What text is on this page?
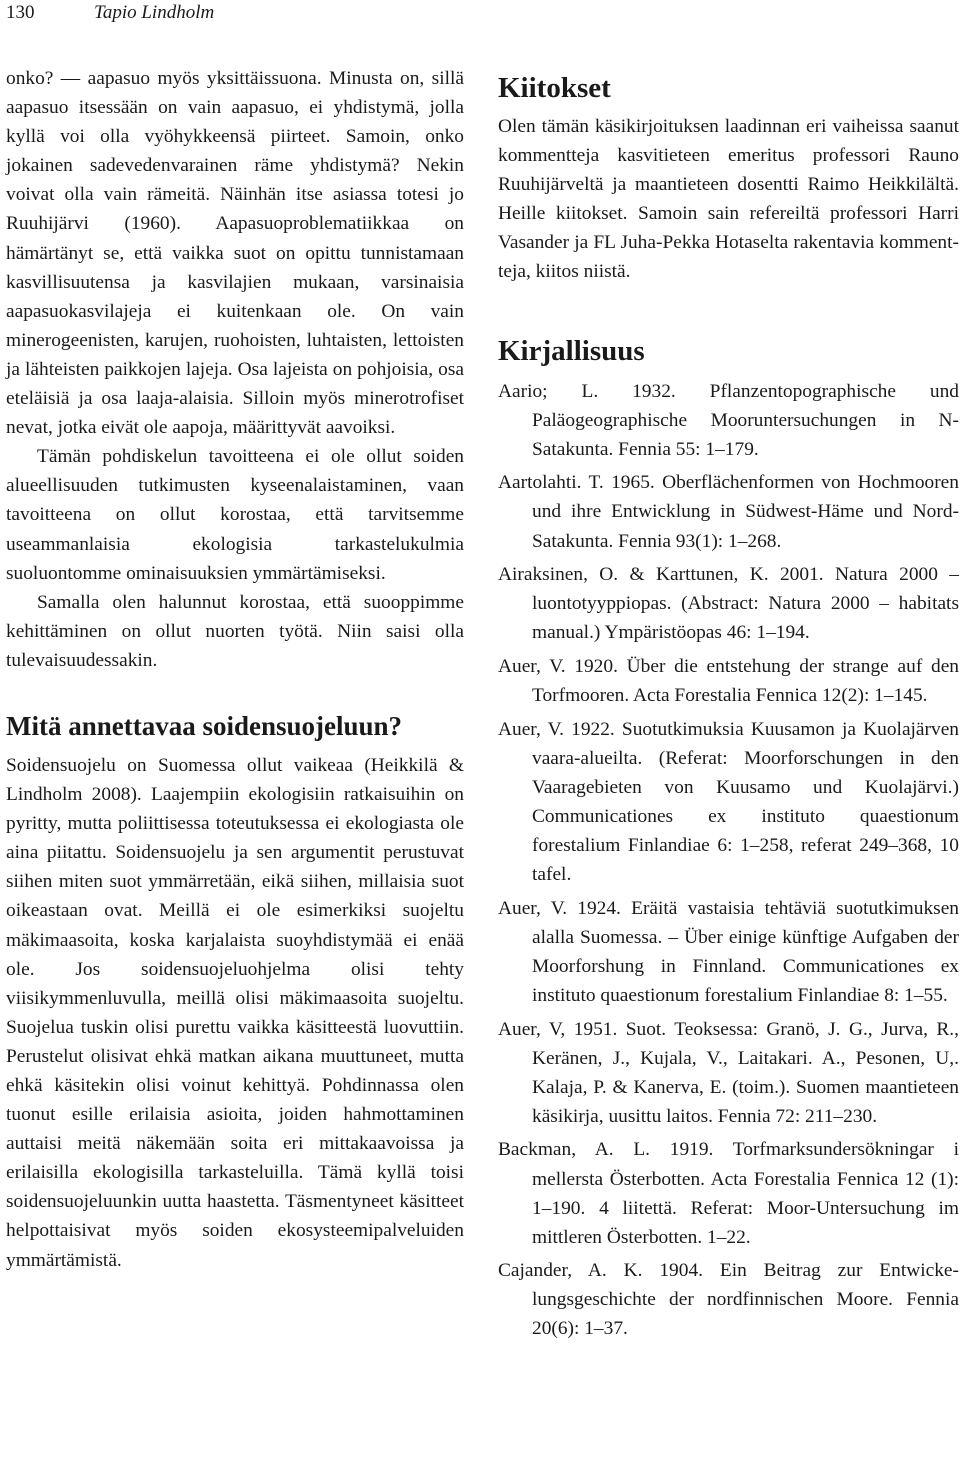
130	Tapio Lindholm

onko? — aapasuo myös yksittäissuona. Minusta on, sillä aapasuo itsessään on vain aapasuo, ei yhdistymä, jolla kyllä voi olla vyöhykkeensä piirteet. Samoin, onko jokainen sadevedenvarainen räme yhdistymä? Nekin voivat olla vain rämeitä. Näinhän itse asiassa totesi jo Ruuhijärvi (1960). Aapasuoproblematiikkaa on hämärtänyt se, että vaikka suot on opittu tunnistamaan kasvillisuutensa ja kasvilajien mukaan, varsinaisia aapasuokasvilajeja ei kuitenkaan ole. On vain minerogeenisten, karujen, ruohoisten, luhtaisten, lettoisten ja lähteisten paikkojen lajeja. Osa lajeista on pohjoisia, osa eteläisiä ja osa laaja-alaisia. Silloin myös minerotrofiset nevat, jotka eivät ole aapoja, määrittyvät aavoiksi.

Tämän pohdiskelun tavoitteena ei ole ollut soiden alueellisuuden tutkimusten kyseenalaistaminen, vaan tavoitteena on ollut korostaa, että tarvitsemme useammanlaisia ekologisia tarkastelukulmia suoluontomme ominaisuuksien ymmärtämiseksi.

Samalla olen halunnut korostaa, että suooppimme kehittäminen on ollut nuorten työtä. Niin saisi olla tulevaisuudessakin.

Mitä annettavaa soidensuojeluun?

Soidensuojelu on Suomessa ollut vaikeaa (Heikkilä & Lindholm 2008). Laajempiin ekologisiin ratkaisuihin on pyritty, mutta poliittisessa toteutuksessa ei ekologiasta ole aina piitattu. Soidensuojelu ja sen argumentit perustuvat siihen miten suot ymmärretään, eikä siihen, millaisia suot oikeastaan ovat. Meillä ei ole esimerkiksi suojeltu mäkimaasoita, koska karjalaista suoyhdistymää ei enää ole. Jos soidensuojeluohjelma olisi tehty viisikymmenluvulla, meillä olisi mäkimaasoita suojeltu. Suojelua tuskin olisi purettu vaikka käsitteestä luovuttiin. Perustelut olisivat ehkä matkan aikana muuttuneet, mutta ehkä käsitekin olisi voinut kehittyä. Pohdinnassa olen tuonut esille erilaisia asioita, joiden hahmottaminen auttaisi meitä näkemään soita eri mittakaavoissa ja erilaisilla ekologisilla tarkasteluilla. Tämä kyllä toisi soidensuojeluunkin uutta haastetta. Täsmentyneet käsitteet helpottaisivat myös soiden ekosysteemipalveluiden ymmärtämistä.

Kiitokset

Olen tämän käsikirjoituksen laadinnan eri vaiheissa saanut kommentteja kasvitieteen emeritus professori Rauno Ruuhijärveltä ja maantieteen dosentti Raimo Heikkilältä. Heille kiitokset. Samoin sain refereiltä professori Harri Vasander ja FL Juha-Pekka Hotaselta rakentavia kommentteja, kiitos niistä.

Kirjallisuus
Aario; L. 1932. Pflanzentopographische und Paläogeographische Mooruntersuchungen in N-Satakunta. Fennia 55: 1–179.
Aartolahti. T. 1965. Oberflächenformen von Hochmooren und ihre Entwicklung in Südwest-Häme und Nord-Satakunta. Fennia 93(1): 1–268.
Airaksinen, O. & Karttunen, K. 2001. Natura 2000 – luontotyyppiopas. (Abstract: Natura 2000 – habitats manual.) Ympäristöopas 46: 1–194.
Auer, V. 1920. Über die entstehung der strange auf den Torfmooren. Acta Forestalia Fennica 12(2): 1–145.
Auer, V. 1922. Suotutkimuksia Kuusamon ja Kuolajärven vaara-alueilta. (Referat: Moorforschungen in den Vaaragebieten von Kuusamo und Kuolajärvi.) Communicationes ex instituto quaestionum forestalium Finlandiae 6: 1–258, referat 249–368, 10 tafel.
Auer, V. 1924. Eräitä vastaisia tehtäviä suotutkimuksen alalla Suomessa. – Über einige künftige Aufgaben der Moorforshung in Finnland. Communicationes ex instituto quaestionum forestalium Finlandiae 8: 1–55.
Auer, V, 1951. Suot. Teoksessa: Granö, J. G., Jurva, R., Keränen, J., Kujala, V., Laitakari. A., Pesonen, U,. Kalaja, P. & Kanerva, E. (toim.). Suomen maantieteen käsikirja, uusittu laitos. Fennia 72: 211–230.
Backman, A. L. 1919. Torfmarksundersökningar i mellersta Österbotten. Acta Forestalia Fennica 12 (1): 1–190. 4 liitettä. Referat: Moor-Untersuchung im mittleren Österbotten. 1–22.
Cajander, A. K. 1904. Ein Beitrag zur Entwickelungsgeschichte der nordfinnischen Moore. Fennia 20(6): 1–37.
